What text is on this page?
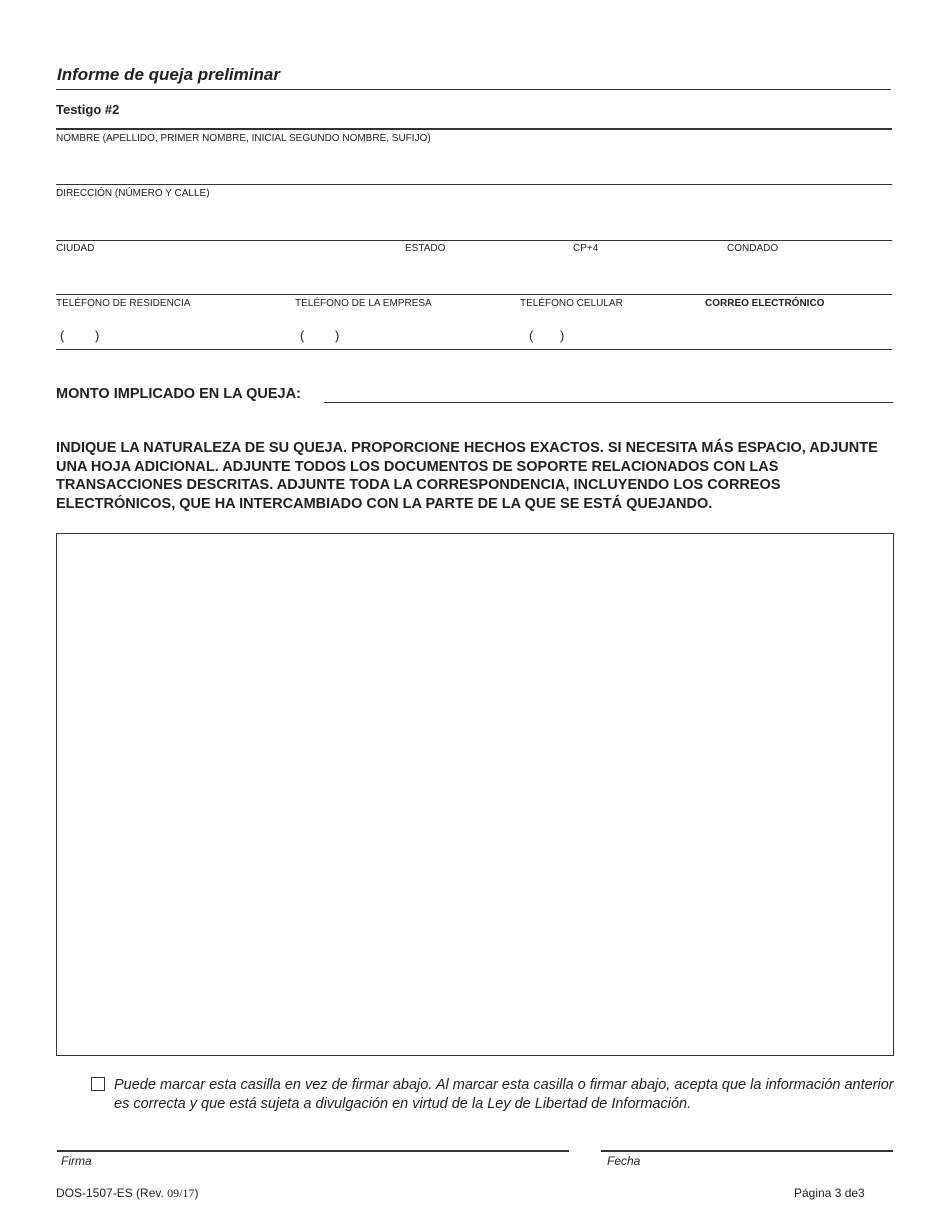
Informe de queja preliminar
Testigo #2
NOMBRE (APELLIDO, PRIMER NOMBRE, INICIAL SEGUNDO NOMBRE, SUFIJO)
DIRECCIÓN (NÚMERO Y CALLE)
CIUDAD	ESTADO	CP+4	CONDADO
TELÉFONO DE RESIDENCIA	TELÉFONO DE LA EMPRESA	TELÉFONO CELULAR	CORREO ELECTRÓNICO
( )	( )	( )
MONTO IMPLICADO EN LA QUEJA:
INDIQUE LA NATURALEZA DE SU QUEJA. PROPORCIONE HECHOS EXACTOS. SI NECESITA MÁS ESPACIO, ADJUNTE UNA HOJA ADICIONAL. ADJUNTE TODOS LOS DOCUMENTOS DE SOPORTE RELACIONADOS CON LAS TRANSACCIONES DESCRITAS. ADJUNTE TODA LA CORRESPONDENCIA, INCLUYENDO LOS CORREOS ELECTRÓNICOS, QUE HA INTERCAMBIADO CON LA PARTE DE LA QUE SE ESTÁ QUEJANDO.
Puede marcar esta casilla en vez de firmar abajo. Al marcar esta casilla o firmar abajo, acepta que la información anterior es correcta y que está sujeta a divulgación en virtud de la Ley de Libertad de Información.
Firma	Fecha
DOS-1507-ES (Rev. 09/17)	Página 3 de3
